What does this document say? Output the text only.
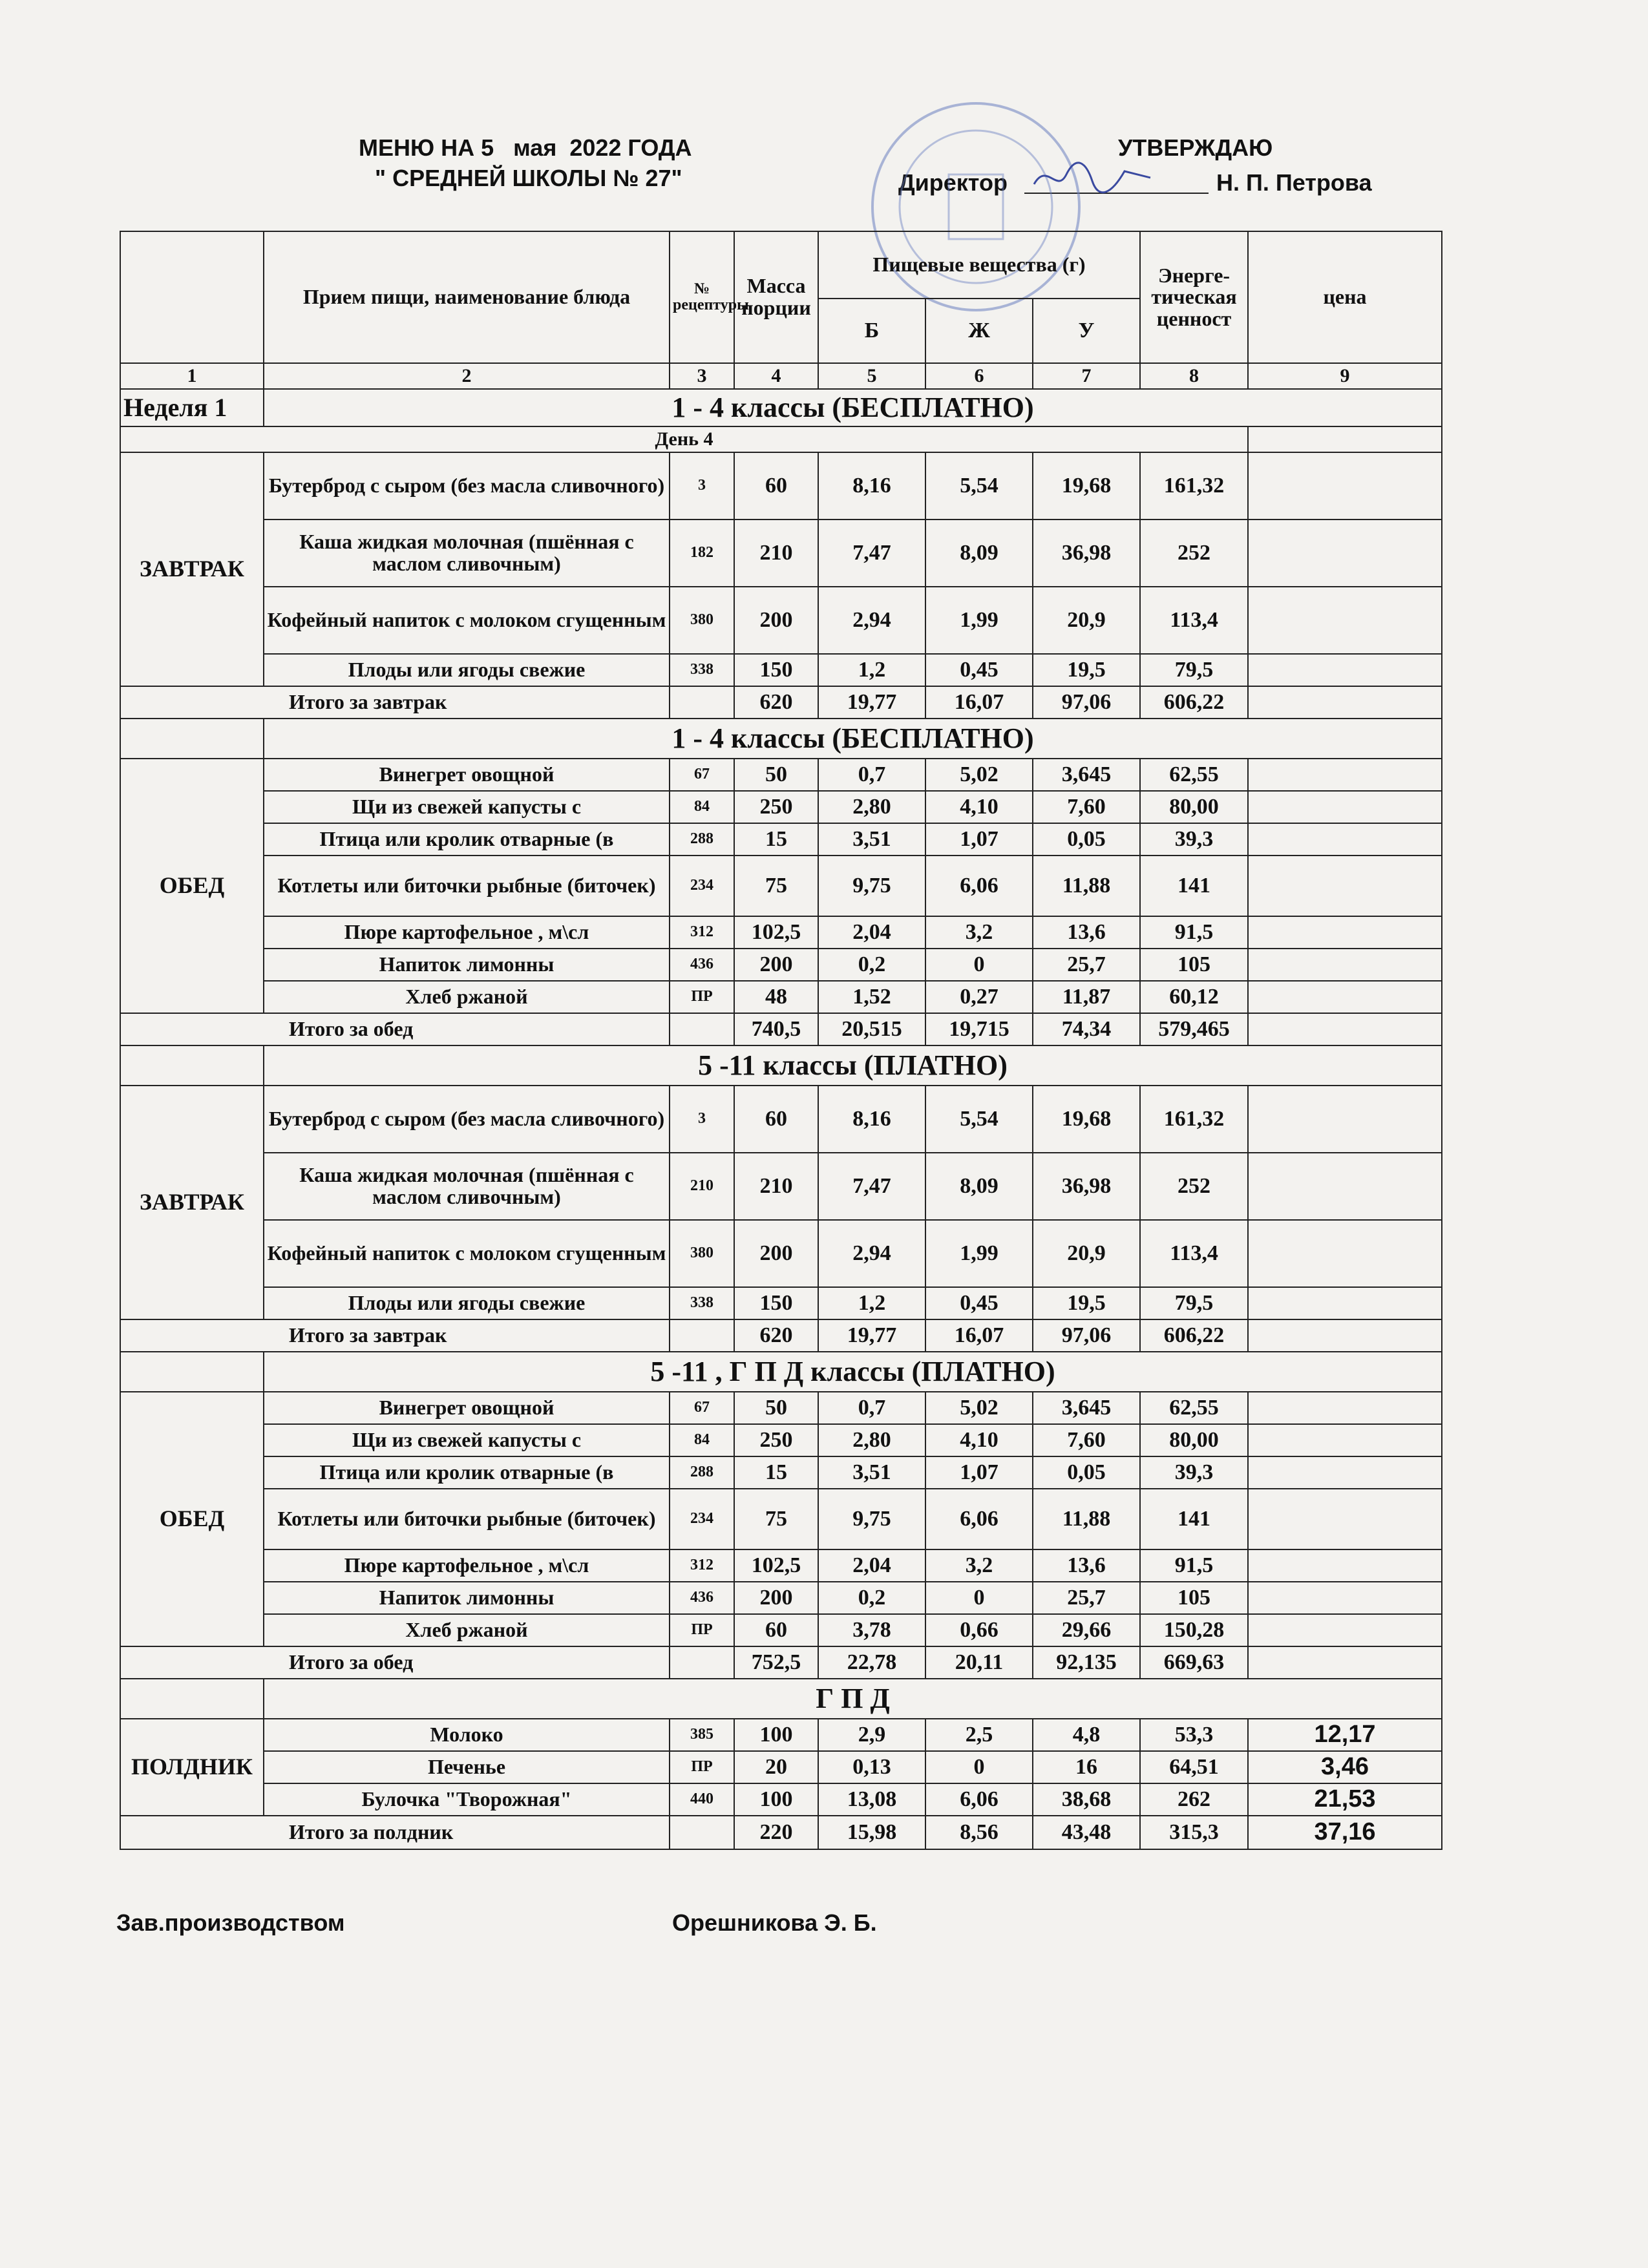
МЕНЮ НА 5   мая  2022 ГОДА
" СРЕДНЕЙ ШКОЛЫ № 27"
УТВЕРЖДАЮ
Директор	Н. П. Петрова
	Прием пищи, наименование блюда	№ рецептуры	Масса порции	Пищевые вещества (г)			Энерге-тическая ценност	цена
				Б	Ж	У		
1	2	3	4	5	6	7	8	9
Неделя 1	1 - 4 классы (БЕСПЛАТНО)							
День 4								
ЗАВТРАК	Бутерброд с сыром (без масла сливочного)	3	60	8,16	5,54	19,68	161,32	
	Каша жидкая молочная (пшённая с маслом сливочным)	182	210	7,47	8,09	36,98	252	
	Кофейный напиток с молоком сгущенным	380	200	2,94	1,99	20,9	113,4	
	Плоды или ягоды свежие	338	150	1,2	0,45	19,5	79,5	
Итого за завтрак			620	19,77	16,07	97,06	606,22	
	1 - 4 классы (БЕСПЛАТНО)							
ОБЕД	Винегрет овощной	67	50	0,7	5,02	3,645	62,55	
	Щи из свежей капусты с	84	250	2,80	4,10	7,60	80,00	
	Птица или кролик отварные (в	288	15	3,51	1,07	0,05	39,3	
	Котлеты или биточки рыбные (биточек)	234	75	9,75	6,06	11,88	141	
	Пюре картофельное , м\сл	312	102,5	2,04	3,2	13,6	91,5	
	Напиток лимонны	436	200	0,2	0	25,7	105	
	Хлеб ржаной	ПР	48	1,52	0,27	11,87	60,12	
Итого за обед			740,5	20,515	19,715	74,34	579,465	
	5 -11 классы (ПЛАТНО)							
ЗАВТРАК	Бутерброд с сыром (без масла сливочного)	3	60	8,16	5,54	19,68	161,32	
	Каша жидкая молочная (пшённая с маслом сливочным)	210	210	7,47	8,09	36,98	252	
	Кофейный напиток с молоком сгущенным	380	200	2,94	1,99	20,9	113,4	
	Плоды или ягоды свежие	338	150	1,2	0,45	19,5	79,5	
Итого за завтрак			620	19,77	16,07	97,06	606,22	
	5 -11 , Г П Д классы (ПЛАТНО)							
ОБЕД	Винегрет овощной	67	50	0,7	5,02	3,645	62,55	
	Щи из свежей капусты с	84	250	2,80	4,10	7,60	80,00	
	Птица или кролик отварные (в	288	15	3,51	1,07	0,05	39,3	
	Котлеты или биточки рыбные (биточек)	234	75	9,75	6,06	11,88	141	
	Пюре картофельное , м\сл	312	102,5	2,04	3,2	13,6	91,5	
	Напиток лимонны	436	200	0,2	0	25,7	105	
	Хлеб ржаной	ПР	60	3,78	0,66	29,66	150,28	
Итого за обед			752,5	22,78	20,11	92,135	669,63	
	Г П Д							
ПОЛДНИК	Молоко	385	100	2,9	2,5	4,8	53,3	12,17
	Печенье	ПР	20	0,13	0	16	64,51	3,46
	Булочка "Творожная"	440	100	13,08	6,06	38,68	262	21,53
Итого за полдник			220	15,98	8,56	43,48	315,3	37,16
Зав.производством	Орешникова Э. Б.
